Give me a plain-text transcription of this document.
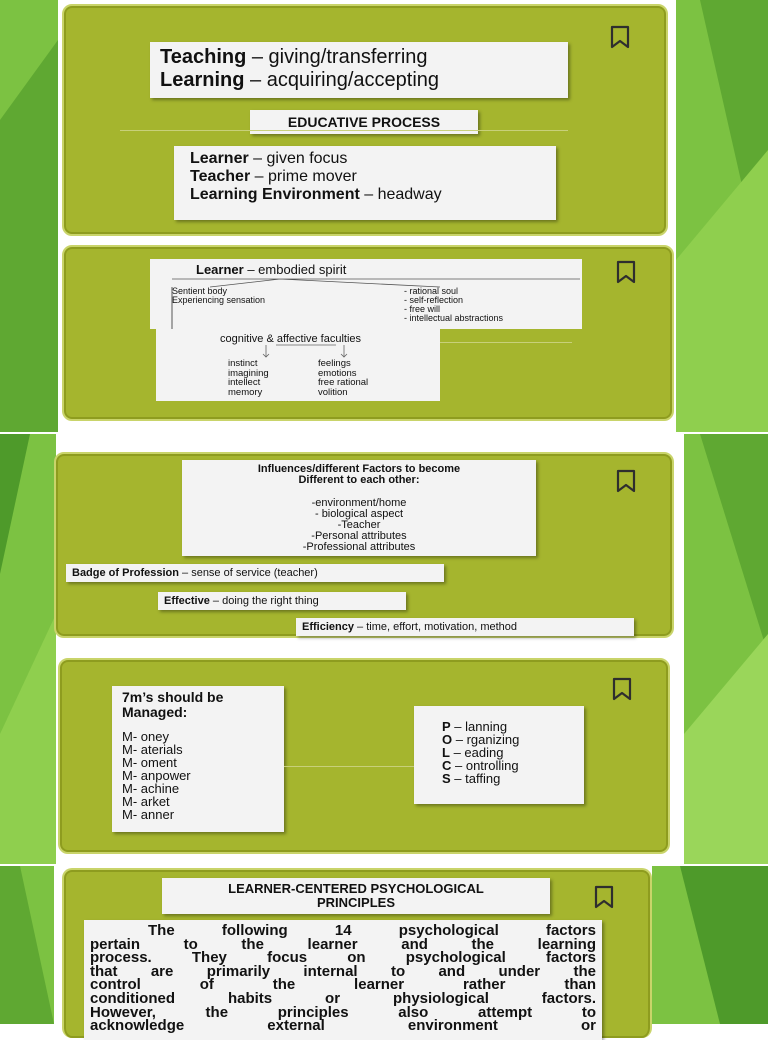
Teaching – giving/transferring
Learning – acquiring/accepting
EDUCATIVE PROCESS
Learner – given focus
Teacher – prime mover
Learning Environment – headway
Learner – embodied spirit
Sentient body
Experiencing sensation
- rational soul
- self-reflection
- free will
- intellectual abstractions
cognitive & affective faculties
instinct
imagining
intellect
memory
feelings
emotions
free rational
volition
Influences/different Factors to become
Different to each other:
-environment/home
- biological aspect
-Teacher
-Personal attributes
-Professional attributes
Badge of Profession – sense of service (teacher)
Effective – doing the right thing
Efficiency – time, effort, motivation, method
7m’s should be
Managed:
M- oney
M- aterials
M- oment
M- anpower
M- achine
M- arket
M- anner
P – lanning
O – rganizing
L – eading
C – ontrolling
S – taffing
LEARNER-CENTERED PSYCHOLOGICAL
PRINCIPLES
The following 14 psychological factors
pertain to the learner and the learning
process. They focus on psychological factors
that are primarily internal to and under the
control of the learner rather than
conditioned habits or physiological factors.
However, the principles also attempt to
acknowledge external environment or
